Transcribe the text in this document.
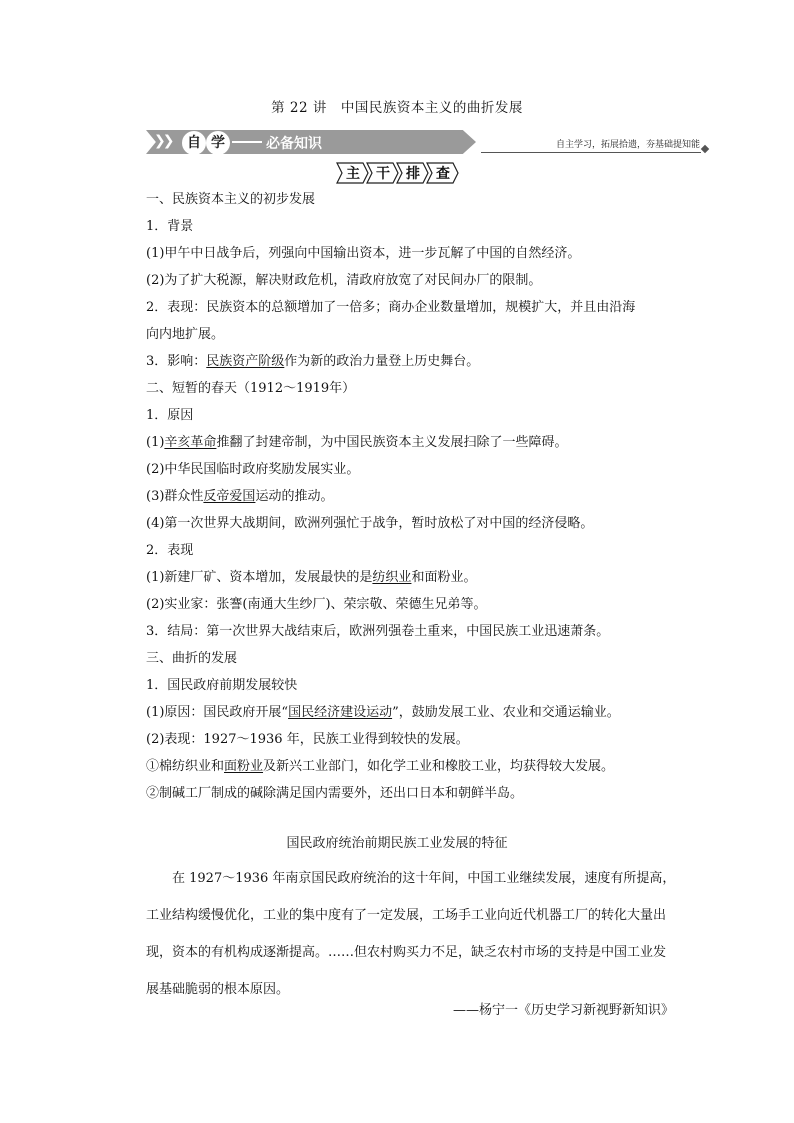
第 22 讲　中国民族资本主义的曲折发展
❯❯	自 学	必备知识	自主学习，拓展拾遗，夯基础提知能
主 干 排 查
一、民族资本主义的初步发展
1．背景
(1)甲午中日战争后，列强向中国输出资本，进一步瓦解了中国的自然经济。
(2)为了扩大税源，解决财政危机，清政府放宽了对民间办厂的限制。
2．表现：民族资本的总额增加了一倍多；商办企业数量增加，规模扩大，并且由沿海
向内地扩展。
3．影响：民族资产阶级作为新的政治力量登上历史舞台。
二、短暂的春天（1912～1919年）
1．原因
(1)辛亥革命推翻了封建帝制，为中国民族资本主义发展扫除了一些障碍。
(2)中华民国临时政府奖励发展实业。
(3)群众性反帝爱国运动的推动。
(4)第一次世界大战期间，欧洲列强忙于战争，暂时放松了对中国的经济侵略。
2．表现
(1)新建厂矿、资本增加，发展最快的是纺织业和面粉业。
(2)实业家：张謇(南通大生纱厂)、荣宗敬、荣德生兄弟等。
3．结局：第一次世界大战结束后，欧洲列强卷土重来，中国民族工业迅速萧条。
三、曲折的发展
1．国民政府前期发展较快
(1)原因：国民政府开展“国民经济建设运动”，鼓励发展工业、农业和交通运输业。
(2)表现：1927～1936 年，民族工业得到较快的发展。
①棉纺织业和面粉业及新兴工业部门，如化学工业和橡胶工业，均获得较大发展。
②制碱工厂制成的碱除满足国内需要外，还出口日本和朝鲜半岛。
国民政府统治前期民族工业发展的特征
　　在 1927～1936 年南京国民政府统治的这十年间，中国工业继续发展，速度有所提高，
工业结构缓慢优化，工业的集中度有了一定发展，工场手工业向近代机器工厂的转化大量出
现，资本的有机构成逐渐提高。……但农村购买力不足，缺乏农村市场的支持是中国工业发
展基础脆弱的根本原因。
——杨宁一《历史学习新视野新知识》
